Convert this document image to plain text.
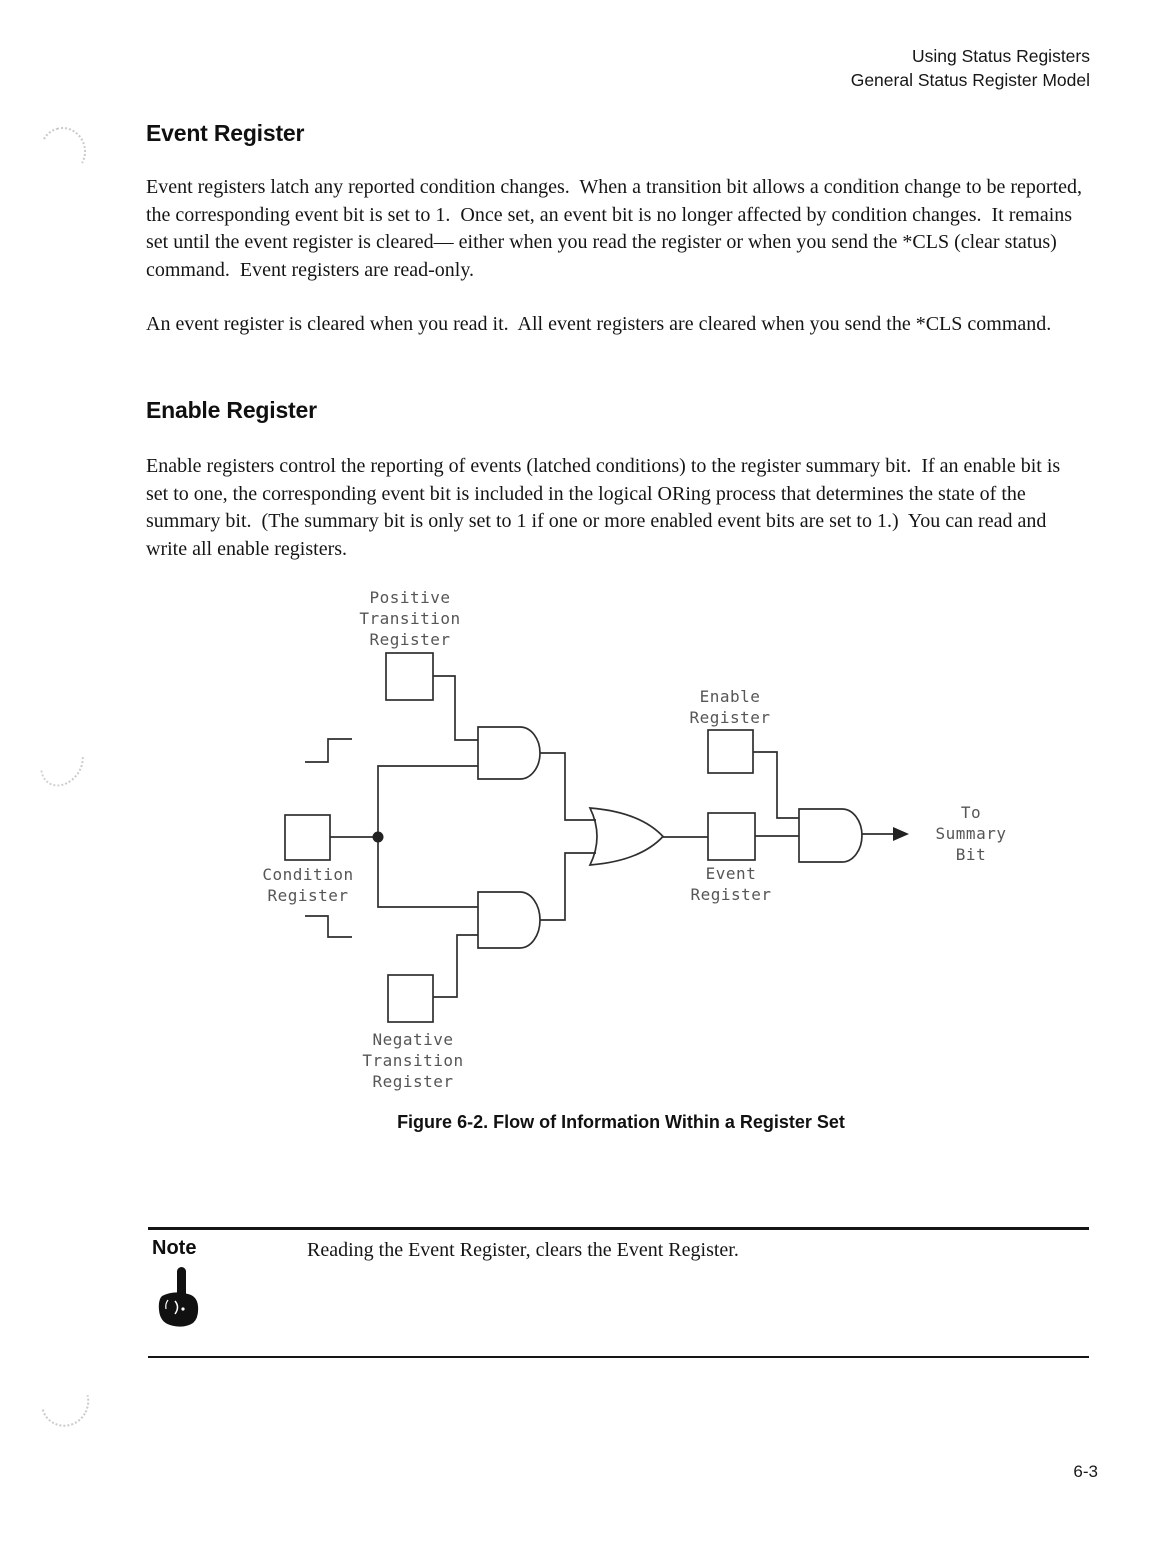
Using Status Registers
General Status Register Model
Event Register
Event registers latch any reported condition changes.  When a transition bit allows a condition change to be reported, the corresponding event bit is set to 1.  Once set, an event bit is no longer affected by condition changes.  It remains set until the event register is cleared— either when you read the register or when you send the *CLS (clear status) command.  Event registers are read-only.
An event register is cleared when you read it.  All event registers are cleared when you send the *CLS command.
Enable Register
Enable registers control the reporting of events (latched conditions) to the register summary bit.  If an enable bit is set to one, the corresponding event bit is included in the logical ORing process that determines the state of the summary bit.  (The summary bit is only set to 1 if one or more enabled event bits are set to 1.)  You can read and write all enable registers.
Positive
Transition
Register
Enable
Register
Condition
Register
Event
Register
Negative
Transition
Register
To
Summary
Bit
Figure 6-2. Flow of Information Within a Register Set
Note	Reading the Event Register, clears the Event Register.
6-3
